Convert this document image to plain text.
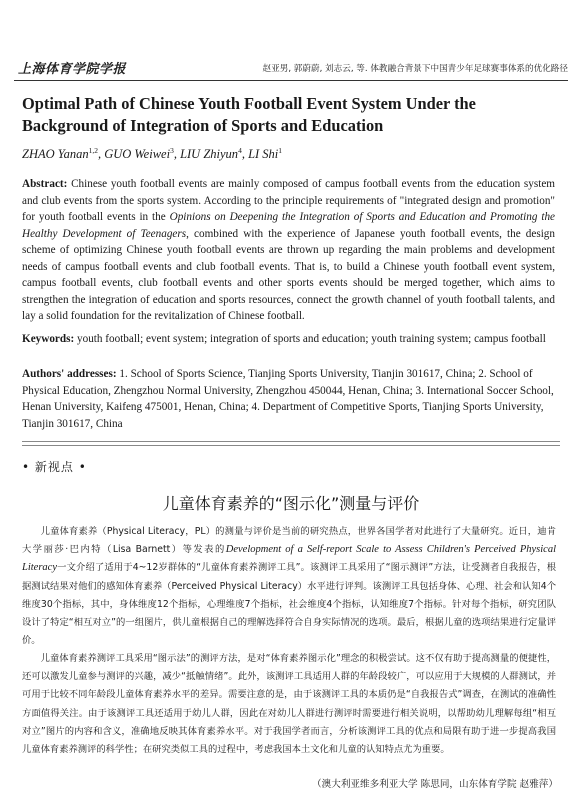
上海体育学院学报	赵亚男, 郭蔚蔚, 刘志云, 等. 体教融合背景下中国青少年足球赛事体系的优化路径
Optimal Path of Chinese Youth Football Event System Under the Background of Integration of Sports and Education
ZHAO Yanan$^{1,2}$, GUO Weiwei$^3$, LIU Zhiyun$^4$, LI Shi$^1$

Abstract: Chinese youth football events are mainly composed of campus football events from the education system and club events from the sports system. According to the principle requirements of "integrated design and promotion" for youth football events in the Opinions on Deepening the Integration of Sports and Education and Promoting the Healthy Development of Teenagers, combined with the experience of Japanese youth football events, the design scheme of optimizing Chinese youth football events are thrown up regarding the main problems and development needs of campus football events and club football events. That is, to build a Chinese youth football event system, campus football events, club football events and other sports events should be merged together, which aims to strengthen the integration of education and sports resources, connect the growth channel of youth football talents, and lay a solid foundation for the revitalization of Chinese football.

Keywords: youth football; event system; integration of sports and education; youth training system; campus football

Authors' addresses: 1. School of Sports Science, Tianjing Sports University, Tianjin 301617, China; 2. School of Physical Education, Zhengzhou Normal University, Zhengzhou 450044, Henan, China; 3. International Soccer School, Henan University, Kaifeng 475001, Henan, China; 4. Department of Competitive Sports, Tianjing Sports University, Tianjin 301617, China

• 新视点 •
儿童体育素养的“图示化”测量与评价

儿童体育素养（Physical Literacy，PL）的测量与评价是当前的研究热点，世界各国学者对此进行了大量研究。近日，迪肯大学丽莎·巴内特（Lisa Barnett）等发表的Development of a Self-report Scale to Assess Children's Perceived Physical Literacy一文介绍了适用于4~12岁群体的“儿童体育素养测评工具”。该测评工具采用了“图示测评”方法，让受测者自我报告，根据测试结果对他们的感知体育素养（Perceived Physical Literacy）水平进行评判。该测评工具包括身体、心理、社会和认知4个维度30个指标，其中，身体维度12个指标，心理维度7个指标，社会维度4个指标，认知维度7个指标。针对每个指标，研究团队设计了特定“相互对立”的一组图片，供儿童根据自己的理解选择符合自身实际情况的选项。最后，根据儿童的选项结果进行定量评价。

儿童体育素养测评工具采用“图示法”的测评方法，是对“体育素养图示化”理念的积极尝试。这不仅有助于提高测量的便捷性，还可以激发儿童参与测评的兴趣，减少“抵触情绪”。此外，该测评工具适用人群的年龄段较广，可以应用于大规模的人群测试，并可用于比较不同年龄段儿童体育素养水平的差异。需要注意的是，由于该测评工具的本质仍是“自我报告式”调查，在测试的准确性方面值得关注。由于该测评工具还适用于幼儿人群，因此在对幼儿人群进行测评时需要进行相关说明，以帮助幼儿理解每组“相互对立”图片的内容和含义，准确地反映其体育素养水平。对于我国学者而言，分析该测评工具的优点和局限有助于进一步提高我国儿童体育素养测评的科学性；在研究类似工具的过程中，考虑我国本土文化和儿童的认知特点尤为重要。

（澳大利亚维多利亚大学 陈思同，山东体育学院 赵雅萍）
